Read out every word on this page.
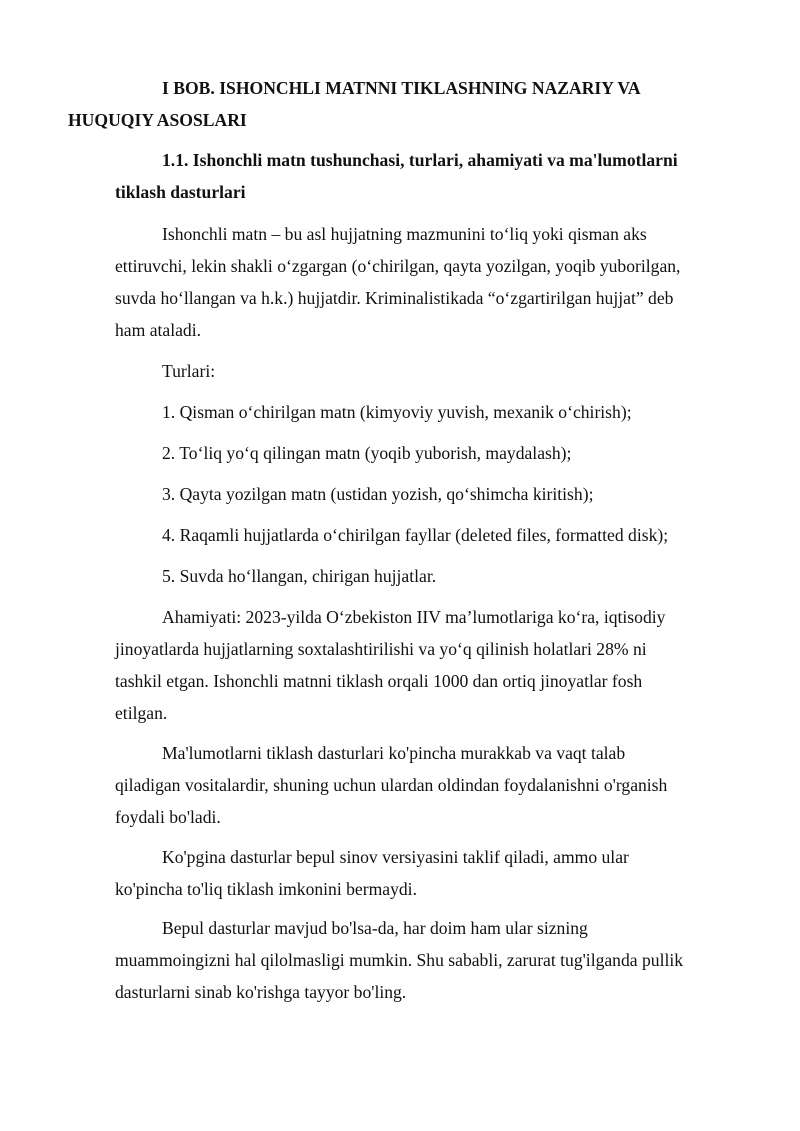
I BOB. ISHONCHLI MATNNI TIKLASHNING NAZARIY VA
HUQUQIY ASOSLARI

1.1. Ishonchli matn tushunchasi, turlari, ahamiyati va ma'lumotlarni
tiklash dasturlari

Ishonchli matn – bu asl hujjatning mazmunini to‘liq yoki qisman aks
ettiruvchi, lekin shakli o‘zgargan (o‘chirilgan, qayta yozilgan, yoqib yuborilgan,
suvda ho‘llangan va h.k.) hujjatdir. Kriminalistikada “o‘zgartirilgan hujjat” deb
ham ataladi.

Turlari:

1. Qisman o‘chirilgan matn (kimyoviy yuvish, mexanik o‘chirish);

2. To‘liq yo‘q qilingan matn (yoqib yuborish, maydalash);

3. Qayta yozilgan matn (ustidan yozish, qo‘shimcha kiritish);

4. Raqamli hujjatlarda o‘chirilgan fayllar (deleted files, formatted disk);

5. Suvda ho‘llangan, chirigan hujjatlar.

Ahamiyati: 2023-yilda O‘zbekiston IIV ma’lumotlariga ko‘ra, iqtisodiy
jinoyatlarda hujjatlarning soxtalashtirilishi va yo‘q qilinish holatlari 28% ni
tashkil etgan. Ishonchli matnni tiklash orqali 1000 dan ortiq jinoyatlar fosh
etilgan.

Ma'lumotlarni tiklash dasturlari ko'pincha murakkab va vaqt talab
qiladigan vositalardir, shuning uchun ulardan oldindan foydalanishni o'rganish
foydali bo'ladi.

Ko'pgina dasturlar bepul sinov versiyasini taklif qiladi, ammo ular
ko'pincha to'liq tiklash imkonini bermaydi.

Bepul dasturlar mavjud bo'lsa-da, har doim ham ular sizning
muammoingizni hal qilolmasligi mumkin. Shu sababli, zarurat tug'ilganda pullik
dasturlarni sinab ko'rishga tayyor bo'ling.
